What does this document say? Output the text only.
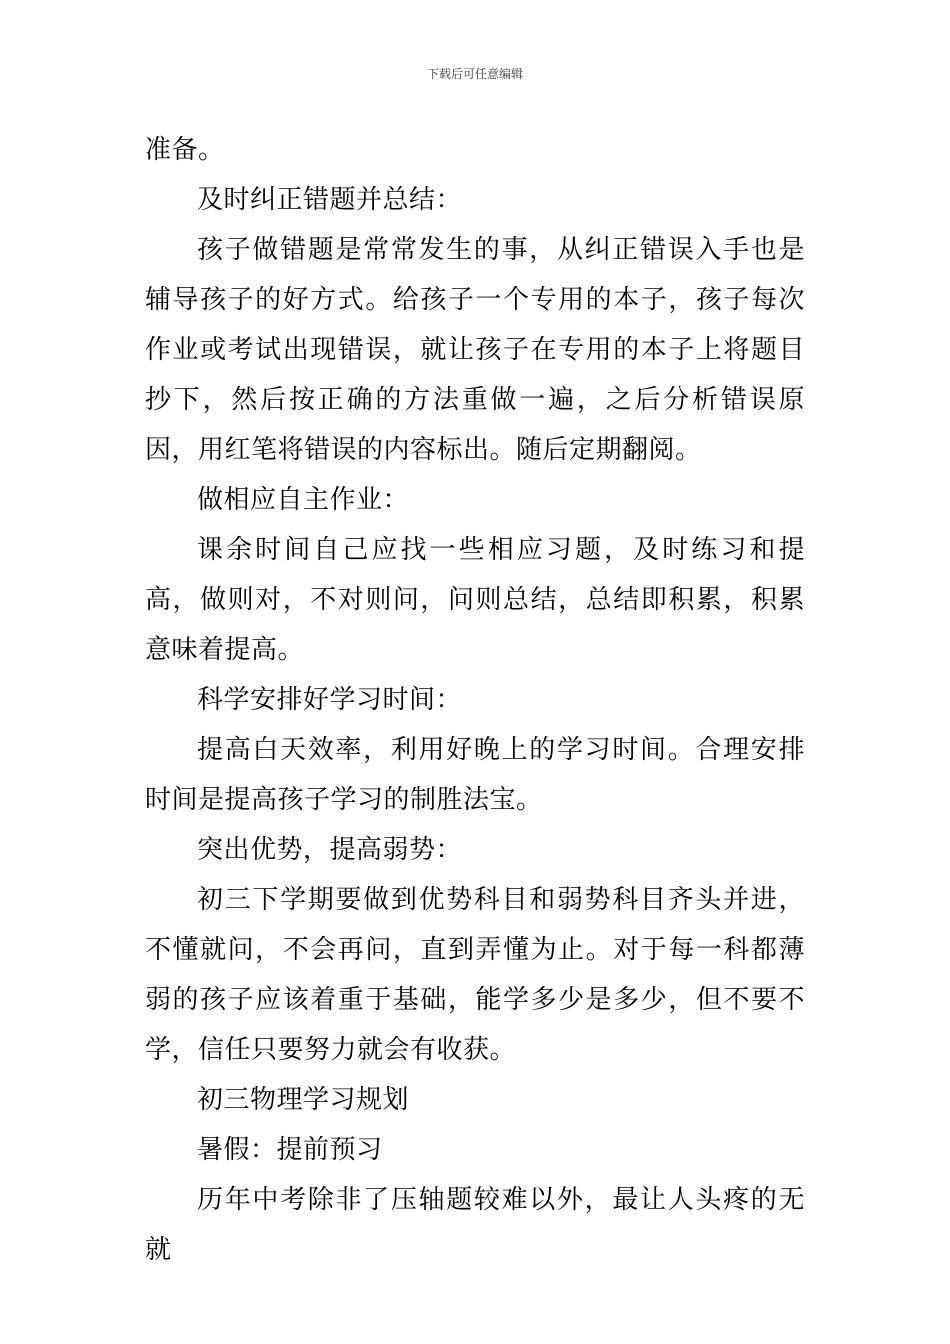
下载后可任意编辑

准备。

及时纠正错题并总结：

孩子做错题是常常发生的事，从纠正错误入手也是辅导孩子的好方式。给孩子一个专用的本子，孩子每次作业或考试出现错误，就让孩子在专用的本子上将题目抄下，然后按正确的方法重做一遍，之后分析错误原因，用红笔将错误的内容标出。随后定期翻阅。

做相应自主作业：

课余时间自己应找一些相应习题，及时练习和提高，做则对，不对则问，问则总结，总结即积累，积累意味着提高。

科学安排好学习时间：

提高白天效率，利用好晚上的学习时间。合理安排时间是提高孩子学习的制胜法宝。

突出优势，提高弱势：

初三下学期要做到优势科目和弱势科目齐头并进，不懂就问，不会再问，直到弄懂为止。对于每一科都薄弱的孩子应该着重于基础，能学多少是多少，但不要不学，信任只要努力就会有收获。

初三物理学习规划

暑假：提前预习

历年中考除非了压轴题较难以外，最让人头疼的无就
